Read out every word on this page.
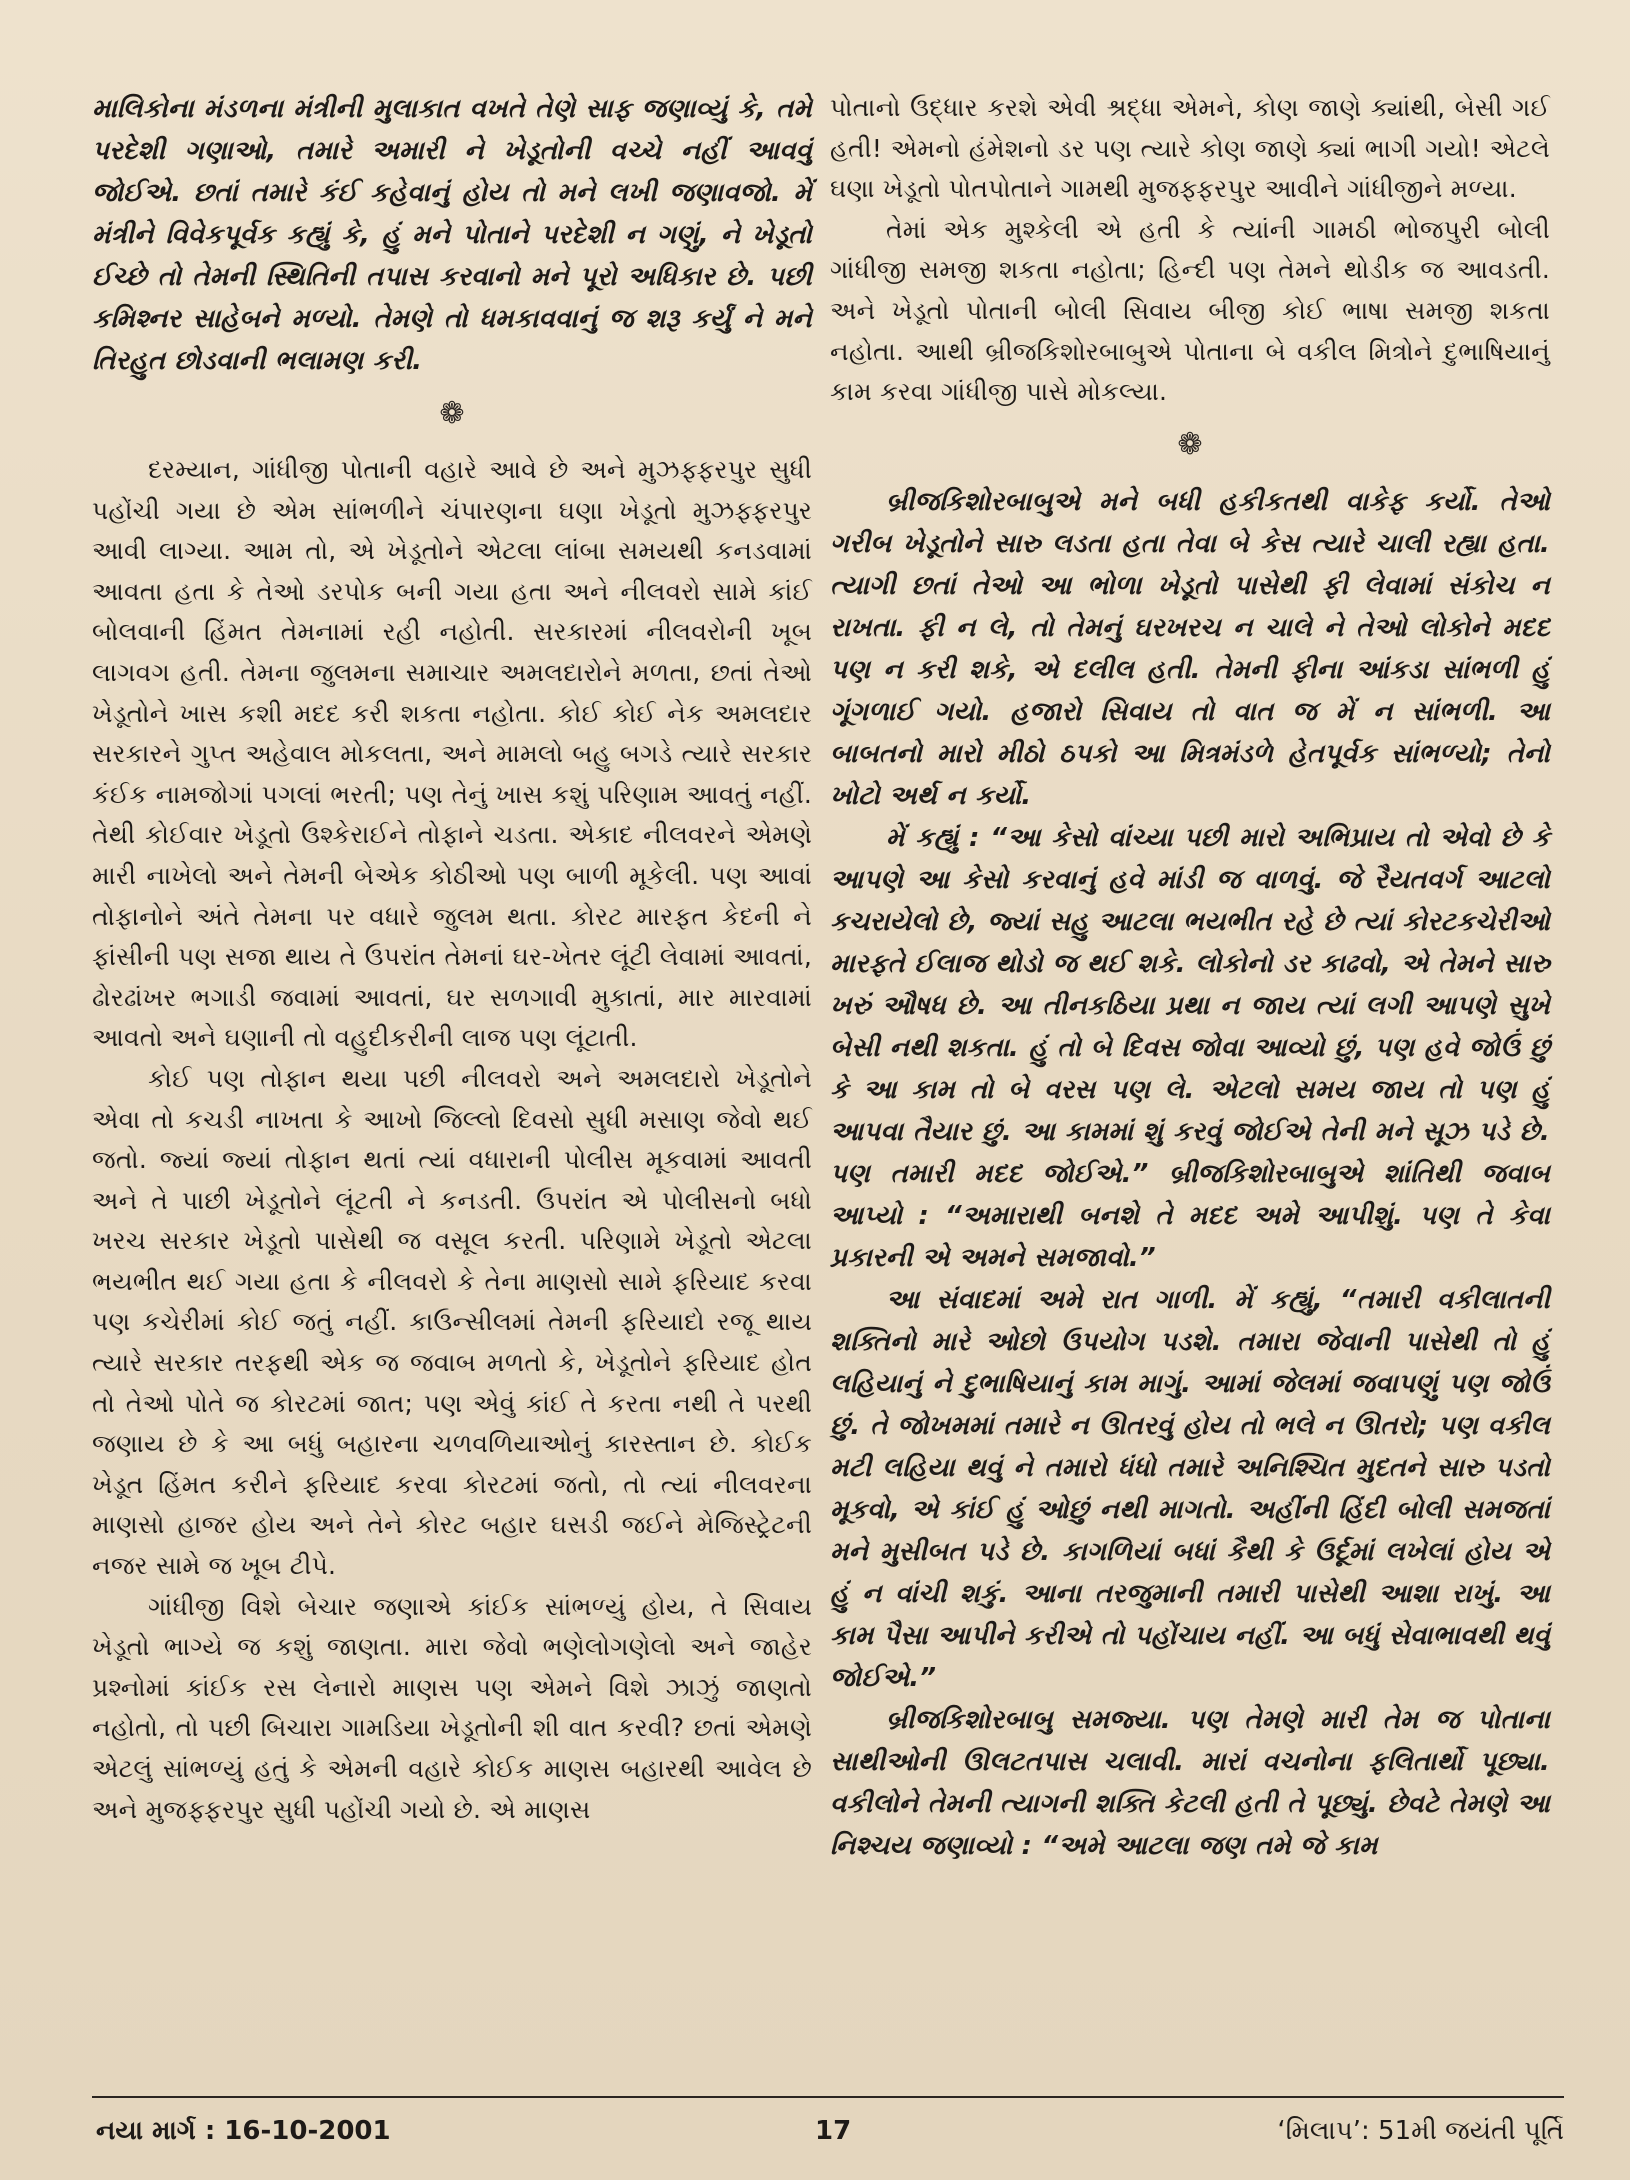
માલિકોના મંડળના મંત્રીની મુલાકાત વખતે તેણે સાફ જણાવ્યું કે, તમે પરદેશી ગણાઓ, તમારે અમારી ને ખેડૂતોની વચ્ચે નહીં આવવું જોઈએ. છતાં તમારે કંઈ કહેવાનું હોય તો મને લખી જણાવજો. મેં મંત્રીને વિવેકપૂર્વક કહ્યું કે, હું મને પોતાને પરદેશી ન ગણું, ને ખેડૂતો ઈચ્છે તો તેમની સ્થિતિની તપાસ કરવાનો મને પૂરો અધિકાર છે. પછી કમિશ્નર સાહેબને મળ્યો. તેમણે તો ધમકાવવાનું જ શરૂ કર્યું ને મને તિરહુત છોડવાની ભલામણ કરી.

❁

દરમ્યાન, ગાંધીજી પોતાની વહારે આવે છે અને મુઝફ્ફરપુર સુધી પહોંચી ગયા છે એમ સાંભળીને ચંપારણના ઘણા ખેડૂતો મુઝફ્ફરપુર આવી લાગ્યા. આમ તો, એ ખેડૂતોને એટલા લાંબા સમયથી કનડવામાં આવતા હતા કે તેઓ ડરપોક બની ગયા હતા અને નીલવરો સામે કાંઈ બોલવાની હિંમત તેમનામાં રહી નહોતી. સરકારમાં નીલવરોની ખૂબ લાગવગ હતી. તેમના જુલમના સમાચાર અમલદારોને મળતા, છતાં તેઓ ખેડૂતોને ખાસ કશી મદદ કરી શકતા નહોતા. કોઈ કોઈ નેક અમલદાર સરકારને ગુપ્ત અહેવાલ મોકલતા, અને મામલો બહુ બગડે ત્યારે સરકાર કંઈક નામજોગાં પગલાં ભરતી; પણ તેનું ખાસ કશું પરિણામ આવતું નહીં. તેથી કોઈવાર ખેડૂતો ઉશ્કેરાઈને તોફાને ચડતા. એકાદ નીલવરને એમણે મારી નાખેલો અને તેમની બેએક કોઠીઓ પણ બાળી મૂકેલી. પણ આવાં તોફાનોને અંતે તેમના પર વધારે જુલમ થતા. કોરટ મારફત કેદની ને ફાંસીની પણ સજા થાય તે ઉપરાંત તેમનાં ઘર-ખેતર લૂંટી લેવામાં આવતાં, ઢોરઢાંખર ભગાડી જવામાં આવતાં, ઘર સળગાવી મુકાતાં, માર મારવામાં આવતો અને ઘણાની તો વહુદીકરીની લાજ પણ લૂંટાતી.

કોઈ પણ તોફાન થયા પછી નીલવરો અને અમલદારો ખેડૂતોને એવા તો કચડી નાખતા કે આખો જિલ્લો દિવસો સુધી મસાણ જેવો થઈ જતો. જ્યાં જ્યાં તોફાન થતાં ત્યાં વધારાની પોલીસ મૂકવામાં આવતી અને તે પાછી ખેડૂતોને લૂંટતી ને કનડતી. ઉપરાંત એ પોલીસનો બધો ખરચ સરકાર ખેડૂતો પાસેથી જ વસૂલ કરતી. પરિણામે ખેડૂતો એટલા ભયભીત થઈ ગયા હતા કે નીલવરો કે તેના માણસો સામે ફરિયાદ કરવા પણ કચેરીમાં કોઈ જતું નહીં. કાઉન્સીલમાં તેમની ફરિયાદો રજૂ થાય ત્યારે સરકાર તરફથી એક જ જવાબ મળતો કે, ખેડૂતોને ફરિયાદ હોત તો તેઓ પોતે જ કોરટમાં જાત; પણ એવું કાંઈ તે કરતા નથી તે પરથી જણાય છે કે આ બધું બહારના ચળવળિયાઓનું કારસ્તાન છે. કોઈક ખેડૂત હિંમત કરીને ફરિયાદ કરવા કોરટમાં જતો, તો ત્યાં નીલવરના માણસો હાજર હોય અને તેને કોરટ બહાર ઘસડી જઈને મેજિસ્ટ્રેટની નજર સામે જ ખૂબ ટીપે.

ગાંધીજી વિશે બેચાર જણાએ કાંઈક સાંભળ્યું હોય, તે સિવાય ખેડૂતો ભાગ્યે જ કશું જાણતા. મારા જેવો ભણેલોગણેલો અને જાહેર પ્રશ્નોમાં કાંઈક રસ લેનારો માણસ પણ એમને વિશે ઝાઝું જાણતો નહોતો, તો પછી બિચારા ગામડિયા ખેડૂતોની શી વાત કરવી? છતાં એમણે એટલું સાંભળ્યું હતું કે એમની વહારે કોઈક માણસ બહારથી આવેલ છે અને મુજફ્ફરપુર સુધી પહોંચી ગયો છે. એ માણસ

પોતાનો ઉદ્ધાર કરશે એવી શ્રદ્ધા એમને, કોણ જાણે ક્યાંથી, બેસી ગઈ હતી! એમનો હંમેશનો ડર પણ ત્યારે કોણ જાણે ક્યાં ભાગી ગયો! એટલે ઘણા ખેડૂતો પોતપોતાને ગામથી મુજફ્ફરપુર આવીને ગાંધીજીને મળ્યા.

તેમાં એક મુશ્કેલી એ હતી કે ત્યાંની ગામઠી ભોજપુરી બોલી ગાંધીજી સમજી શકતા નહોતા; હિન્દી પણ તેમને થોડીક જ આવડતી. અને ખેડૂતો પોતાની બોલી સિવાય બીજી કોઈ ભાષા સમજી શકતા નહોતા. આથી બ્રીજકિશોરબાબુએ પોતાના બે વકીલ મિત્રોને દુભાષિયાનું કામ કરવા ગાંધીજી પાસે મોકલ્યા.

❁

બ્રીજકિશોરબાબુએ મને બધી હકીકતથી વાકેફ કર્યો. તેઓ ગરીબ ખેડૂતોને સારુ લડતા હતા તેવા બે કેસ ત્યારે ચાલી રહ્યા હતા. ત્યાગી છતાં તેઓ આ ભોળા ખેડૂતો પાસેથી ફી લેવામાં સંકોચ ન રાખતા. ફી ન લે, તો તેમનું ઘરખરચ ન ચાલે ને તેઓ લોકોને મદદ પણ ન કરી શકે, એ દલીલ હતી. તેમની ફીના આંકડા સાંભળી હું ગૂંગળાઈ ગયો. હજારો સિવાય તો વાત જ મેં ન સાંભળી. આ બાબતનો મારો મીઠો ઠપકો આ મિત્રમંડળે હેતપૂર્વક સાંભળ્યો; તેનો ખોટો અર્થ ન કર્યો.

મેં કહ્યું : “આ કેસો વાંચ્યા પછી મારો અભિપ્રાય તો એવો છે કે આપણે આ કેસો કરવાનું હવે માંડી જ વાળવું. જે રૈયતવર્ગ આટલો કચરાયેલો છે, જ્યાં સહુ આટલા ભયભીત રહે છે ત્યાં કોરટકચેરીઓ મારફતે ઈલાજ થોડો જ થઈ શકે. લોકોનો ડર કાઢવો, એ તેમને સારુ ખરું ઔષધ છે. આ તીનકઠિયા પ્રથા ન જાય ત્યાં લગી આપણે સુખે બેસી નથી શકતા. હું તો બે દિવસ જોવા આવ્યો છું, પણ હવે જોઉં છું કે આ કામ તો બે વરસ પણ લે. એટલો સમય જાય તો પણ હું આપવા તૈયાર છું. આ કામમાં શું કરવું જોઈએ તેની મને સૂઝ પડે છે. પણ તમારી મદદ જોઈએ.” બ્રીજકિશોરબાબુએ શાંતિથી જવાબ આપ્યો : “અમારાથી બનશે તે મદદ અમે આપીશું. પણ તે કેવા પ્રકારની એ અમને સમજાવો.”

આ સંવાદમાં અમે રાત ગાળી. મેં કહ્યું, “તમારી વકીલાતની શક્તિનો મારે ઓછો ઉપયોગ પડશે. તમારા જેવાની પાસેથી તો હું લહિયાનું ને દુભાષિયાનું કામ માગું. આમાં જેલમાં જવાપણું પણ જોઉં છું. તે જોખમમાં તમારે ન ઊતરવું હોય તો ભલે ન ઊતરો; પણ વકીલ મટી લહિયા થવું ને તમારો ધંધો તમારે અનિશ્ચિત મુદતને સારુ પડતો મૂકવો, એ કાંઈ હું ઓછું નથી માગતો. અહીંની હિંદી બોલી સમજતાં મને મુસીબત પડે છે. કાગળિયાં બધાં કૈથી કે ઉર્દૂમાં લખેલાં હોય એ હું ન વાંચી શકું. આના તરજુમાની તમારી પાસેથી આશા રાખું. આ કામ પૈસા આપીને કરીએ તો પહોંચાય નહીં. આ બધું સેવાભાવથી થવું જોઈએ.”

બ્રીજકિશોરબાબુ સમજ્યા. પણ તેમણે મારી તેમ જ પોતાના સાથીઓની ઊલટતપાસ ચલાવી. મારાં વચનોના ફલિતાર્થો પૂછ્યા. વકીલોને તેમની ત્યાગની શક્તિ કેટલી હતી તે પૂછ્યું. છેવટે તેમણે આ નિશ્ચય જણાવ્યો : “અમે આટલા જણ તમે જે કામ

નયા માર્ગ : 16-10-2001	17	‘મિલાપ’: 51મી જયંતી પૂર્તિ
